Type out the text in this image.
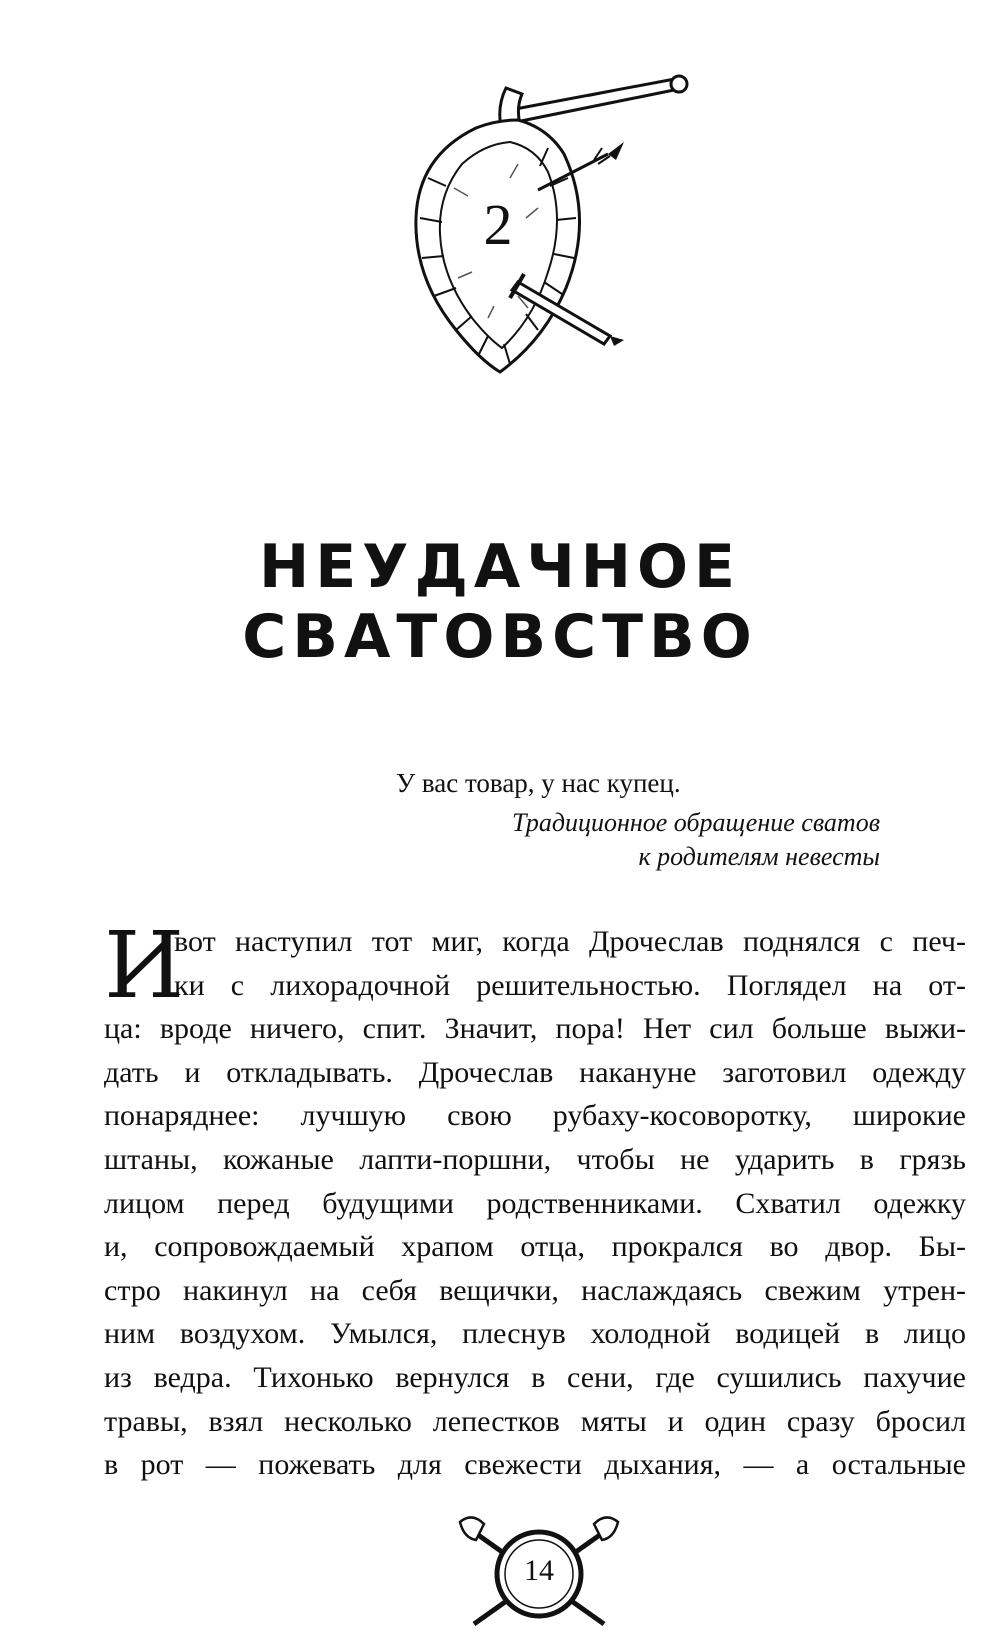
2
НЕУДАЧНОЕ СВАТОВСТВО

У вас товар, у нас купец.

Традиционное обращение сватов
к родителям невесты

И
вот наступил тот миг, когда Дрочеслав поднялся с печ-
ки с лихорадочной решительностью. Поглядел на от-
ца: вроде ничего, спит. Значит, пора! Нет сил больше выжи-
дать и откладывать. Дрочеслав накануне заготовил одежду
понаряднее: лучшую свою рубаху-косоворотку, широкие
штаны, кожаные лапти-поршни, чтобы не ударить в грязь
лицом перед будущими родственниками. Схватил одежку
и, сопровождаемый храпом отца, прокрался во двор. Бы-
стро накинул на себя вещички, наслаждаясь свежим утрен-
ним воздухом. Умылся, плеснув холодной водицей в лицо
из ведра. Тихонько вернулся в сени, где сушились пахучие
травы, взял несколько лепестков мяты и один сразу бросил
в рот — пожевать для свежести дыхания, — а остальные
14
